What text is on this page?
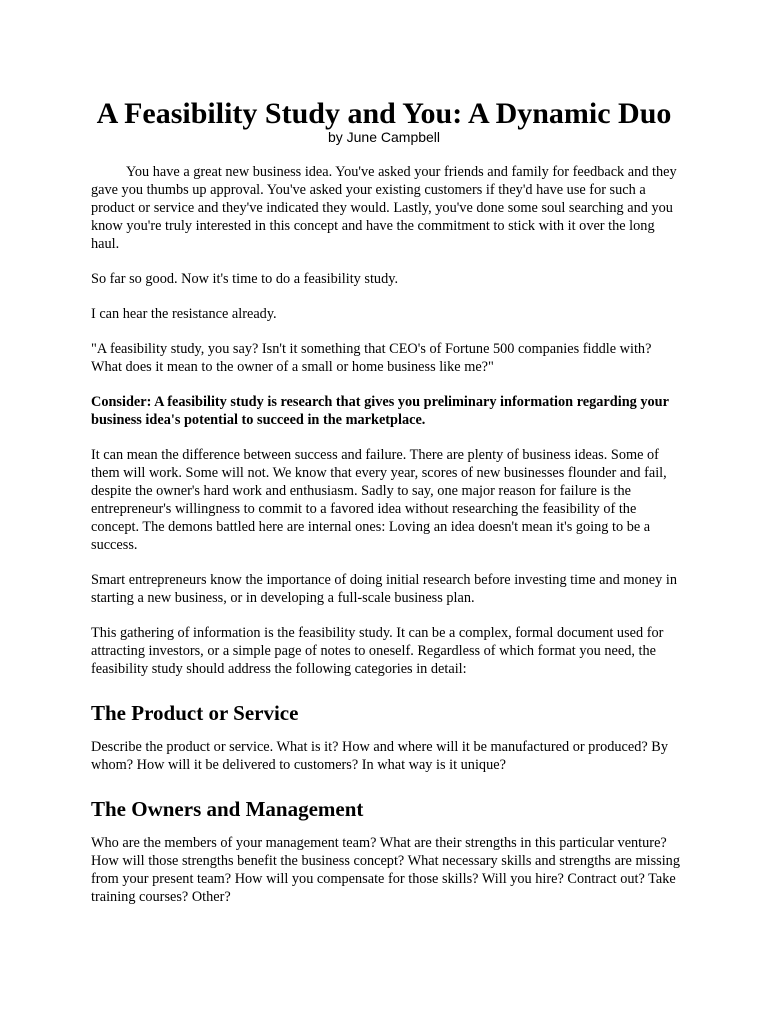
A Feasibility Study and You: A Dynamic Duo
by June Campbell

You have a great new business idea. You've asked your friends and family for feedback and they gave you thumbs up approval. You've asked your existing customers if they'd have use for such a product or service and they've indicated they would. Lastly, you've done some soul searching and you know you're truly interested in this concept and have the commitment to stick with it over the long haul.

So far so good. Now it's time to do a feasibility study.

I can hear the resistance already.

"A feasibility study, you say? Isn't it something that CEO's of Fortune 500 companies fiddle with? What does it mean to the owner of a small or home business like me?"

Consider: A feasibility study is research that gives you preliminary information regarding your business idea's potential to succeed in the marketplace.

It can mean the difference between success and failure. There are plenty of business ideas. Some of them will work. Some will not. We know that every year, scores of new businesses flounder and fail, despite the owner's hard work and enthusiasm. Sadly to say, one major reason for failure is the entrepreneur's willingness to commit to a favored idea without researching the feasibility of the concept. The demons battled here are internal ones: Loving an idea doesn't mean it's going to be a success.

Smart entrepreneurs know the importance of doing initial research before investing time and money in starting a new business, or in developing a full-scale business plan.

This gathering of information is the feasibility study. It can be a complex, formal document used for attracting investors, or a simple page of notes to oneself. Regardless of which format you need, the feasibility study should address the following categories in detail:

The Product or Service

Describe the product or service. What is it? How and where will it be manufactured or produced? By whom? How will it be delivered to customers? In what way is it unique?

The Owners and Management

Who are the members of your management team? What are their strengths in this particular venture? How will those strengths benefit the business concept? What necessary skills and strengths are missing from your present team? How will you compensate for those skills? Will you hire? Contract out? Take training courses? Other?
